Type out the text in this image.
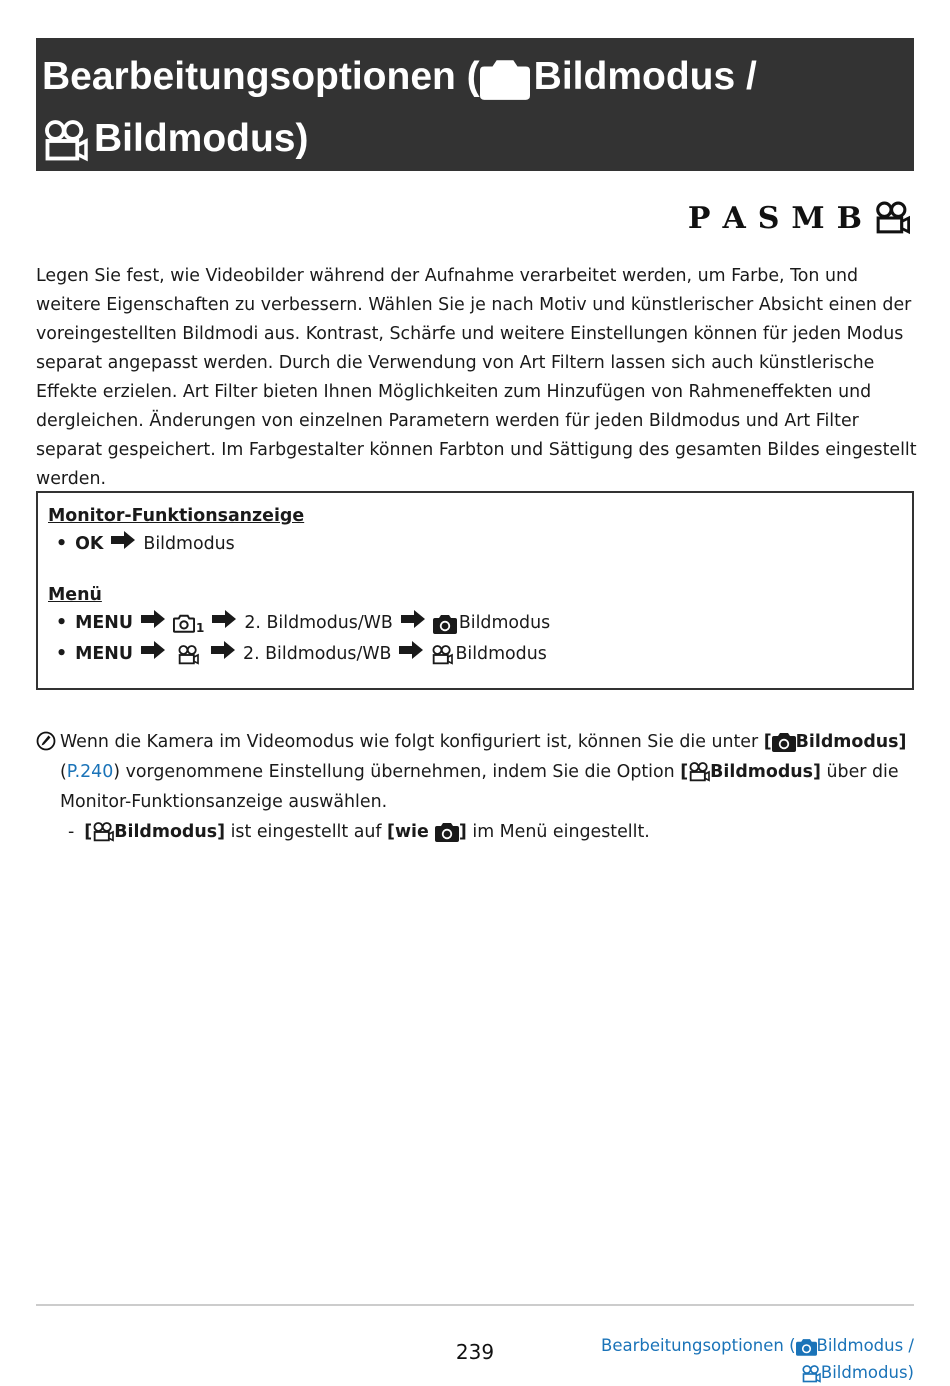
Bearbeitungsoptionen ( Bildmodus /
Bildmodus)
P A S M B

Legen Sie fest, wie Videobilder während der Aufnahme verarbeitet werden, um Farbe, Ton und weitere Eigenschaften zu verbessern. Wählen Sie je nach Motiv und künstlerischer Absicht einen der voreingestellten Bildmodi aus. Kontrast, Schärfe und weitere Einstellungen können für jeden Modus separat angepasst werden. Durch die Verwendung von Art Filtern lassen sich auch künstlerische Effekte erzielen. Art Filter bieten Ihnen Möglichkeiten zum Hinzufügen von Rahmeneffekten und dergleichen. Änderungen von einzelnen Parametern werden für jeden Bildmodus und Art Filter separat gespeichert. Im Farbgestalter können Farbton und Sättigung des gesamten Bildes eingestellt werden.

Monitor-Funktionsanzeige
• OK Bildmodus
Menü
• MENU	1 2. Bildmodus/WB	Bildmodus
• MENU	2. Bildmodus/WB	Bildmodus
Wenn die Kamera im Videomodus wie folgt konfiguriert ist, können Sie die unter [ Bildmodus]
(P.240) vorgenommene Einstellung übernehmen, indem Sie die Option [ Bildmodus] über die
Monitor-Funktionsanzeige auswählen.
- [ Bildmodus] ist eingestellt auf [wie
] im Menü eingestellt.
239	Bearbeitungsoptionen ( Bildmodus /
Bildmodus)
